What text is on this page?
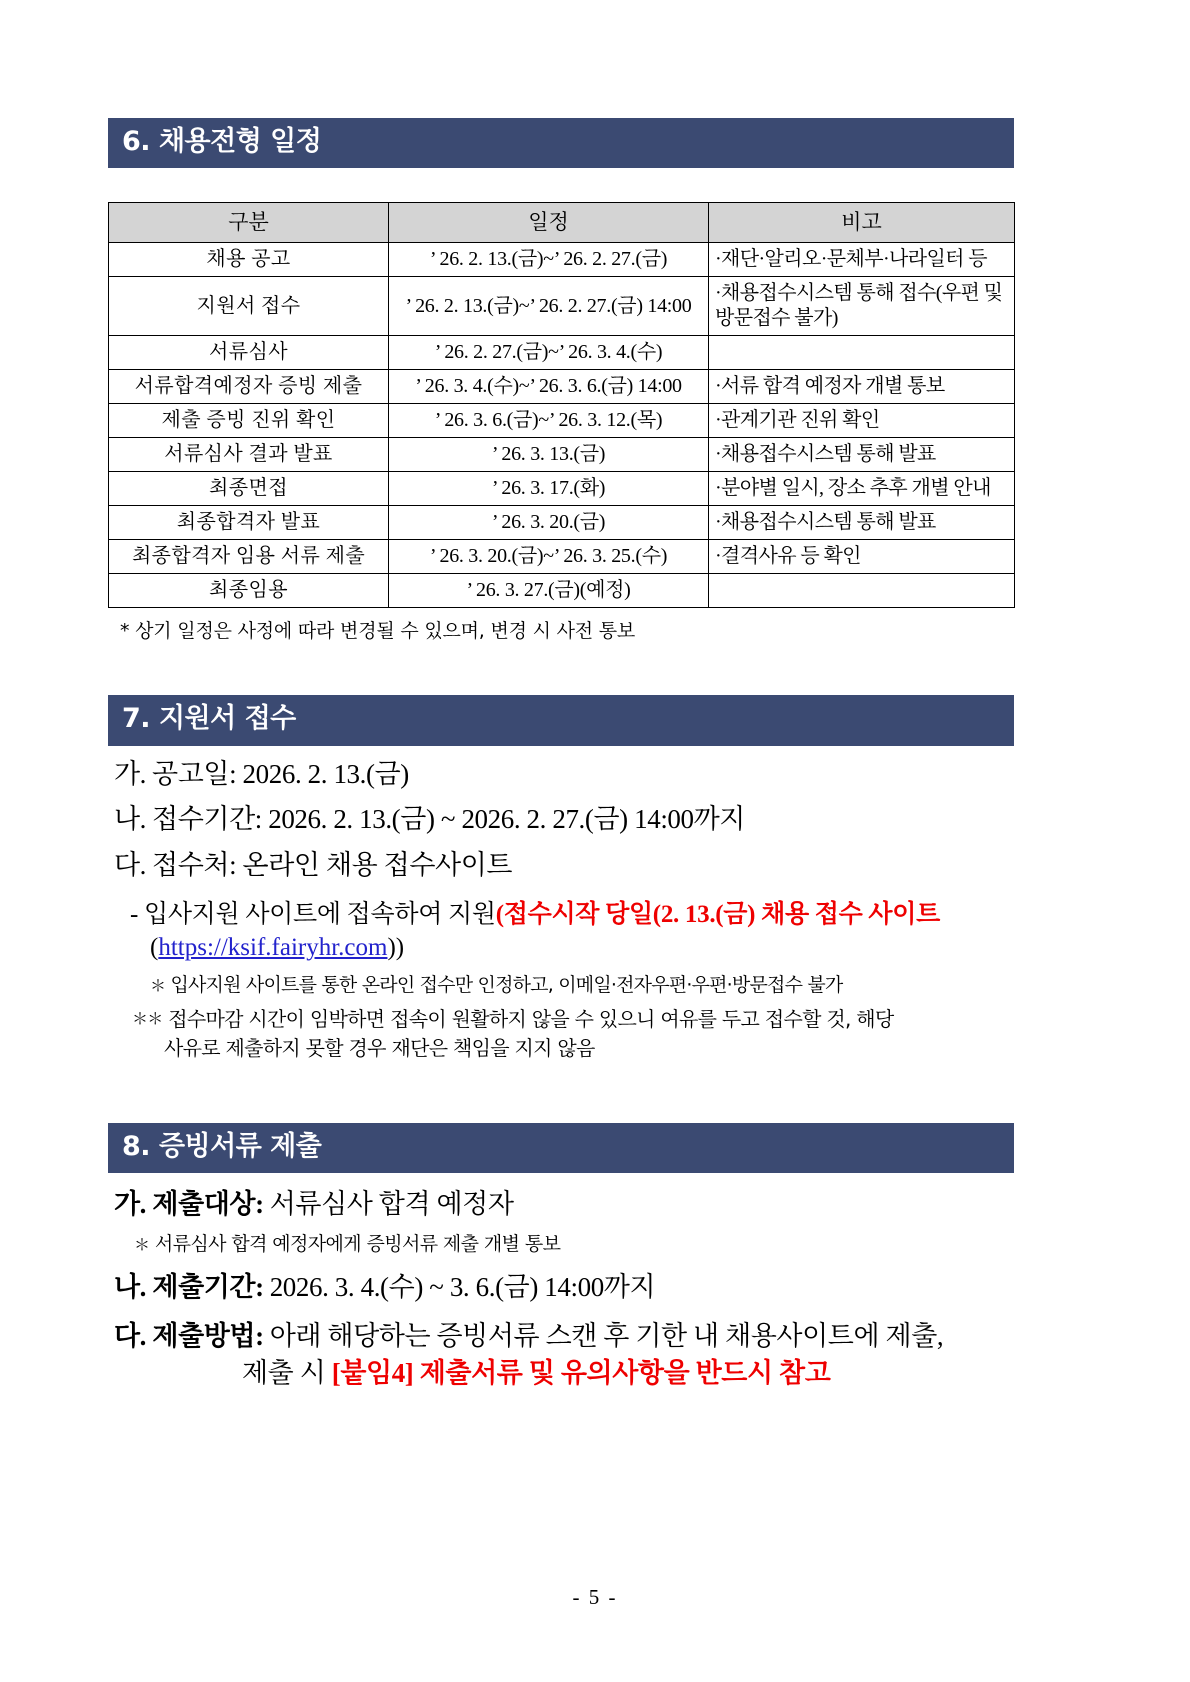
6. 채용전형 일정
구분	일정	비고
채용 공고	’ 26. 2. 13.(금)~’ 26. 2. 27.(금)	·재단·알리오·문체부·나라일터 등
지원서 접수	’ 26. 2. 13.(금)~’ 26. 2. 27.(금) 14:00	·채용접수시스템 통해 접수(우편 및 방문접수 불가)
서류심사	’ 26. 2. 27.(금)~’ 26. 3. 4.(수)	
서류합격예정자 증빙 제출	’ 26. 3. 4.(수)~’ 26. 3. 6.(금) 14:00	·서류 합격 예정자 개별 통보
제출 증빙 진위 확인	’ 26. 3. 6.(금)~’ 26. 3. 12.(목)	·관계기관 진위 확인
서류심사 결과 발표	’ 26. 3. 13.(금)	·채용접수시스템 통해 발표
최종면접	’ 26. 3. 17.(화)	·분야별 일시, 장소 추후 개별 안내
최종합격자 발표	’ 26. 3. 20.(금)	·채용접수시스템 통해 발표
최종합격자 임용 서류 제출	’ 26. 3. 20.(금)~’ 26. 3. 25.(수)	·결격사유 등 확인
최종임용	’ 26. 3. 27.(금)(예정)	
* 상기 일정은 사정에 따라 변경될 수 있으며, 변경 시 사전 통보
7. 지원서 접수
가. 공고일: 2026. 2. 13.(금)
나. 접수기간: 2026. 2. 13.(금) ~ 2026. 2. 27.(금) 14:00까지
다. 접수처: 온라인 채용 접수사이트
- 입사지원 사이트에 접속하여 지원(접수시작 당일(2. 13.(금) 채용 접수 사이트
(https://ksif.fairyhr.com))
＊ 입사지원 사이트를 통한 온라인 접수만 인정하고, 이메일·전자우편·우편·방문접수 불가
＊＊ 접수마감 시간이 임박하면 접속이 원활하지 않을 수 있으니 여유를 두고 접수할 것, 해당
사유로 제출하지 못할 경우 재단은 책임을 지지 않음
8. 증빙서류 제출
가. 제출대상: 서류심사 합격 예정자
＊ 서류심사 합격 예정자에게 증빙서류 제출 개별 통보
나. 제출기간: 2026. 3. 4.(수) ~ 3. 6.(금) 14:00까지
다. 제출방법: 아래 해당하는 증빙서류 스캔 후 기한 내 채용사이트에 제출,
제출 시 [붙임4] 제출서류 및 유의사항을 반드시 참고
- 5 -
